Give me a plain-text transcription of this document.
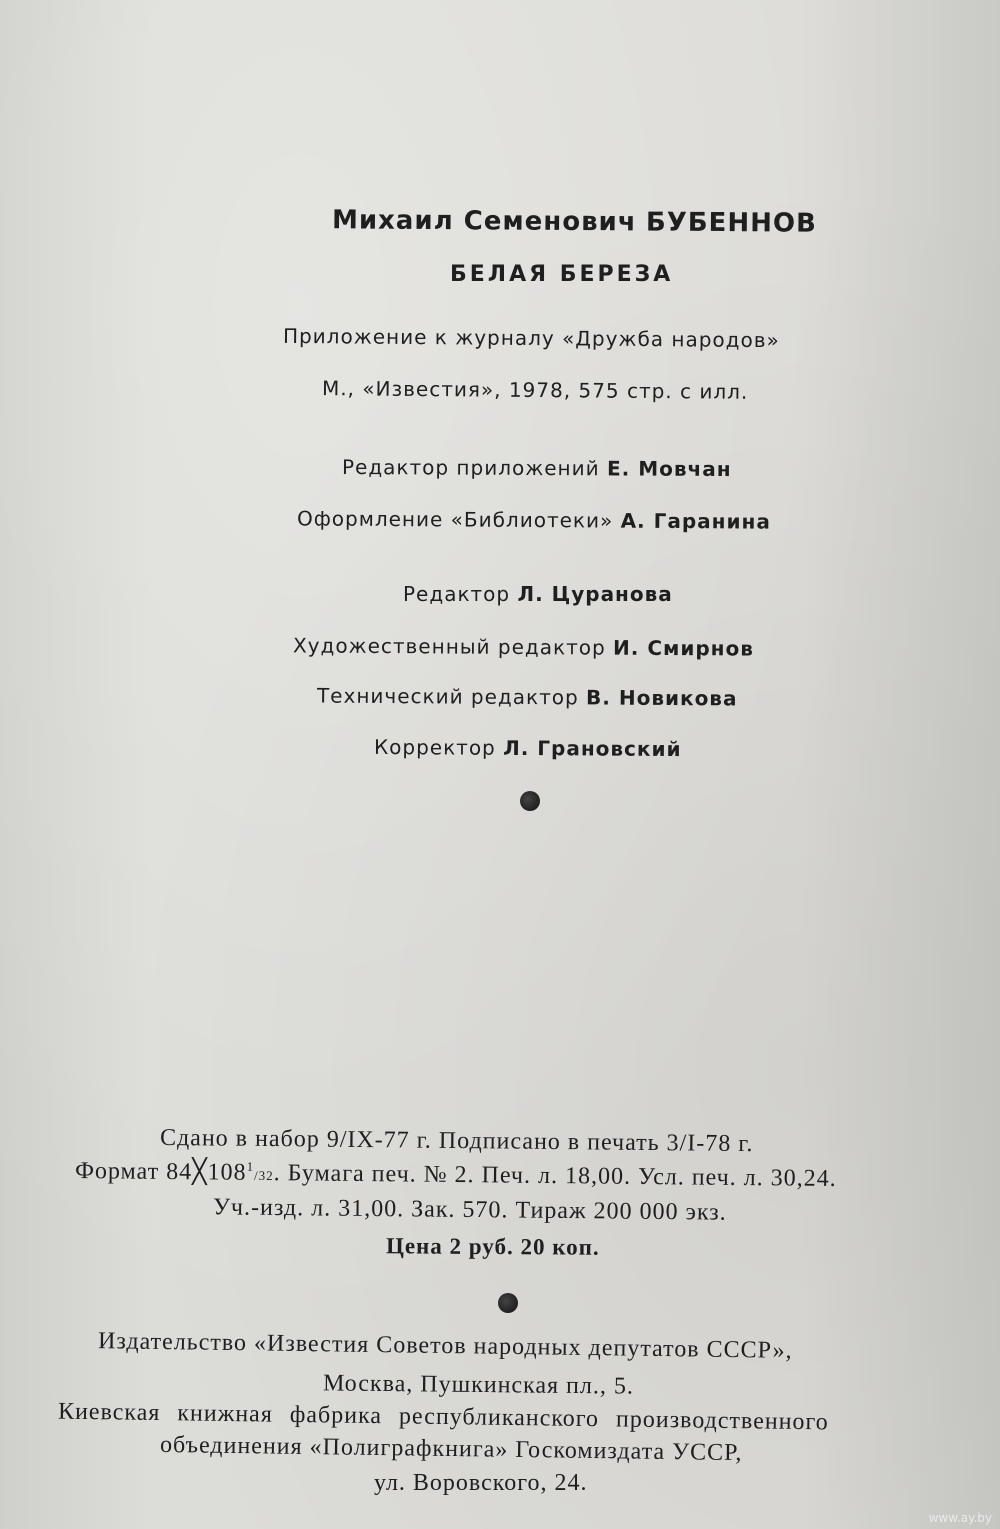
Михаил Семенович БУБЕННОВ
БЕЛАЯ БЕРЕЗА
Приложение к журналу «Дружба народов»
М., «Известия», 1978, 575 стр. с илл.
Редактор приложений Е. Мовчан
Оформление «Библиотеки» А. Гаранина
Редактор Л. Цуранова
Художественный редактор И. Смирнов
Технический редактор В. Новикова
Корректор Л. Грановский
Сдано в набор 9/IX-77 г. Подписано в печать 3/I-78 г.
Формат $84╳108^1/32$. Бумага печ. № 2. Печ. л. 18,00. Усл. печ. л. 30,24.
Уч.-изд. л. 31,00. Зак. 570. Тираж 200 000 экз.
Цена 2 руб. 20 коп.
Издательство «Известия Советов народных депутатов СССР»,
Москва, Пушкинская пл., 5.
Киевская книжная фабрика республиканского производственного
объединения «Полиграфкнига» Госкомиздата УССР,
ул. Воровского, 24.
www.ay.by
